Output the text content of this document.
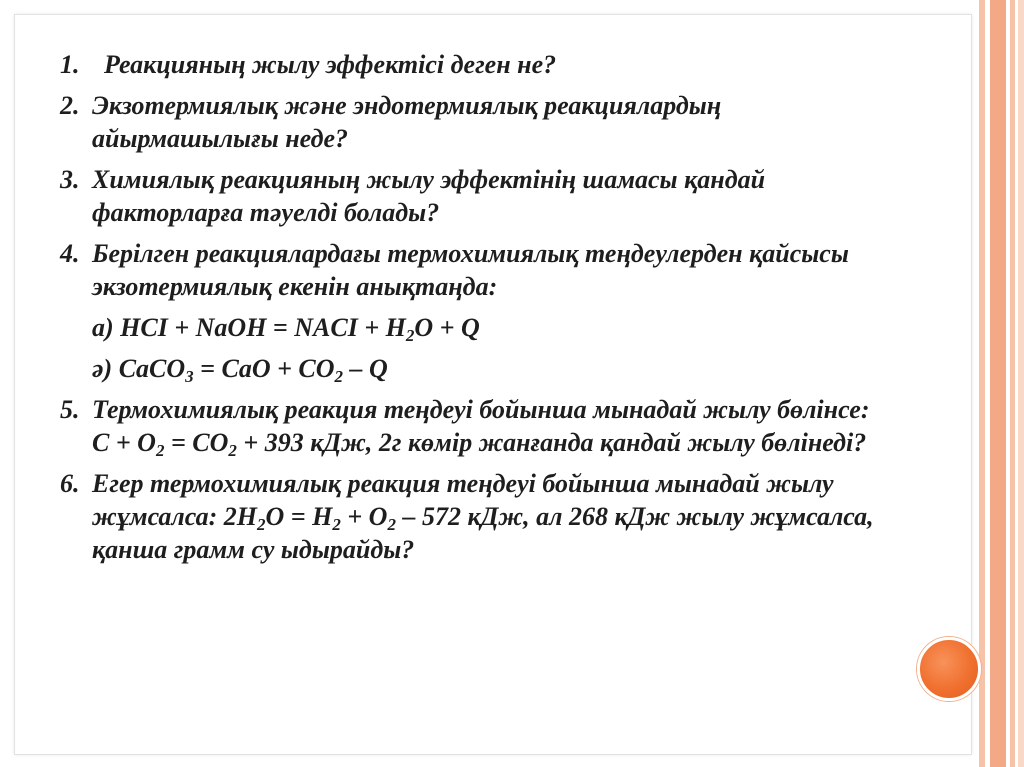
1. Реакцияның жылу эффектісі деген не?
2. Экзотермиялық және эндотермиялық реакциялардың айырмашылығы неде?
3. Химиялық реакцияның жылу эффектінің шамасы қандай факторларға тәуелді болады?
4. Берілген реакциялардағы термохимиялық теңдеулерден қайсысы экзотермиялық екенін анықтаңда:
а) HCI + NaOH = NACI + $H_2O + Q$
ә) CaCO$_3$ = CaO + $CO_2$ – Q
5. Термохимиялық реакция теңдеуі бойынша мынадай жылу бөлінсе: $С + О_2 = СО_2 + 393$ кДж, 2г көмір жанғанда қандай жылу бөлінеді?
6. Егер термохимиялық реакция теңдеуі бойынша мынадай жылу жұмсалса: $2Н_2О = Н_2 + О_2 - 572$ кДж, ал 268 кДж жылу жұмсалса, қанша грамм су ыдырайды?
